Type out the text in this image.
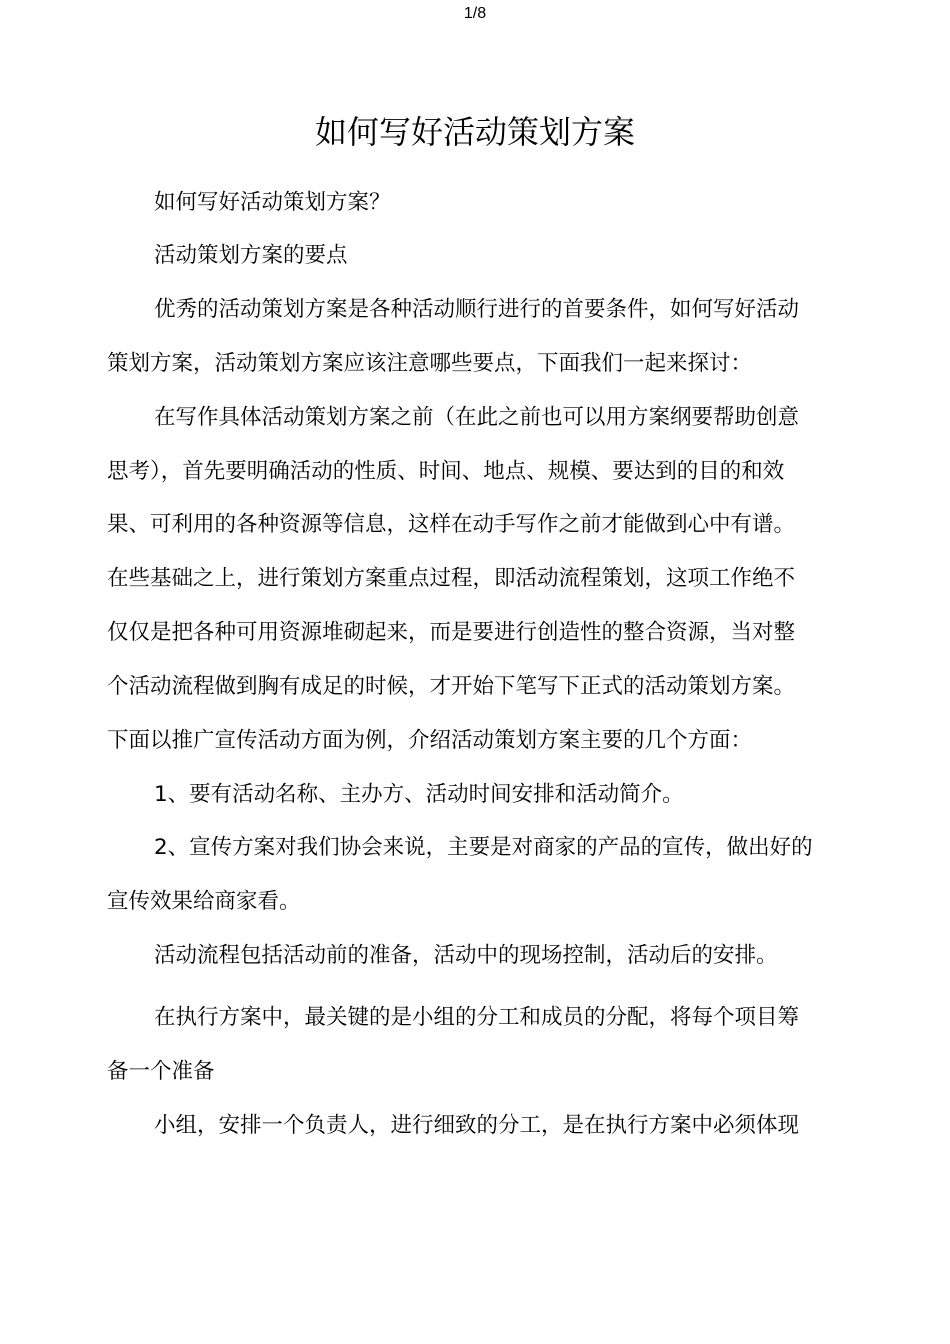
1/8
如何写好活动策划方案

如何写好活动策划方案？

活动策划方案的要点

优秀的活动策划方案是各种活动顺行进行的首要条件，如何写好活动

策划方案，活动策划方案应该注意哪些要点，下面我们一起来探讨：

在写作具体活动策划方案之前（在此之前也可以用方案纲要帮助创意

思考），首先要明确活动的性质、时间、地点、规模、要达到的目的和效

果、可利用的各种资源等信息，这样在动手写作之前才能做到心中有谱。

在些基础之上，进行策划方案重点过程，即活动流程策划，这项工作绝不

仅仅是把各种可用资源堆砌起来，而是要进行创造性的整合资源，当对整

个活动流程做到胸有成足的时候，才开始下笔写下正式的活动策划方案。

下面以推广宣传活动方面为例，介绍活动策划方案主要的几个方面：

1、要有活动名称、主办方、活动时间安排和活动简介。

2、宣传方案对我们协会来说，主要是对商家的产品的宣传，做出好的

宣传效果给商家看。

活动流程包括活动前的准备，活动中的现场控制，活动后的安排。

在执行方案中，最关键的是小组的分工和成员的分配，将每个项目筹

备一个准备

小组，安排一个负责人，进行细致的分工，是在执行方案中必须体现
